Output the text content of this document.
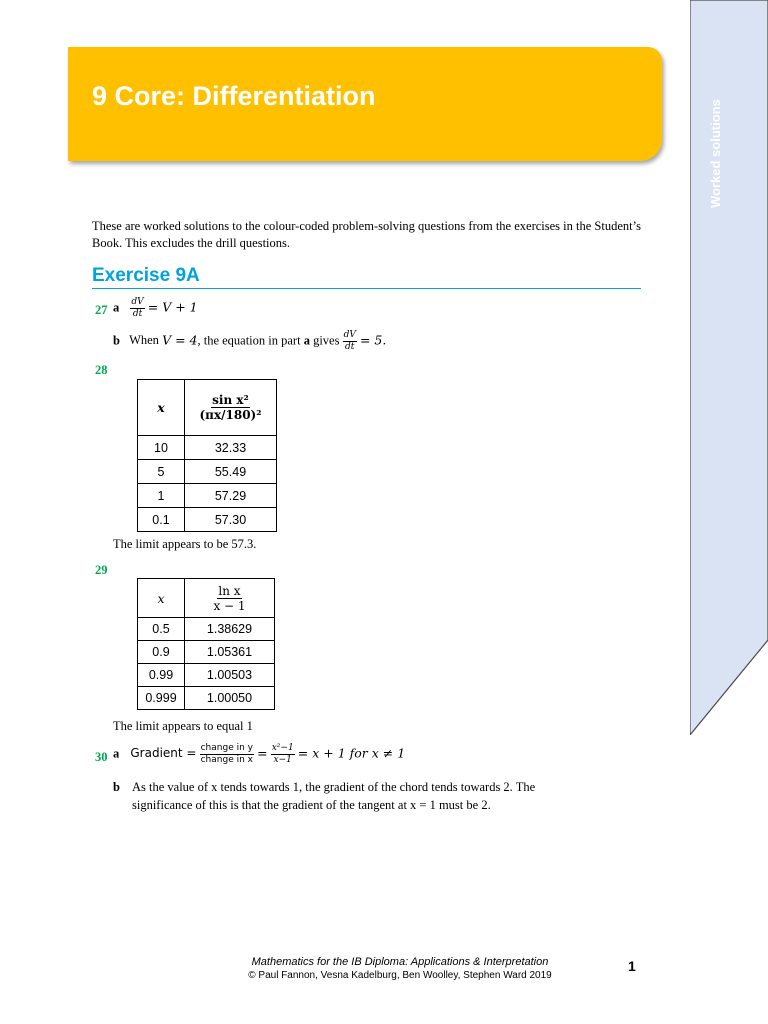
Worked solutions
9 Core: Differentiation
These are worked solutions to the colour-coded problem-solving questions from the exercises in the Student’s Book. This excludes the drill questions.
Exercise 9A
27 a $\frac{dV}{dt} = V + 1$
b When V = 4, the equation in part a gives $\frac{dV}{dt} = 5$.
28
x	$\frac{\text{sin x²}}{\text{(πx/180)²}}$

10	32.33
5	55.49
1	57.29
0.1	57.30
The limit appears to be 57.3.
29
x	$\frac{\text{ln x}}{x - 1}$

0.5	1.38629
0.9	1.05361
0.99	1.00503
0.999	1.00050
The limit appears to equal 1
30 a Gradient = $\frac{\text{change in y}}{\text{change in x}} = \frac{\text{x²−1}}{x-1} = x + 1$ for x ≠ 1
b As the value of x tends towards 1, the gradient of the chord tends towards 2. The
significance of this is that the gradient of the tangent at x = 1 must be 2.
Mathematics for the IB Diploma: Applications & Interpretation
© Paul Fannon, Vesna Kadelburg, Ben Woolley, Stephen Ward 2019
1
